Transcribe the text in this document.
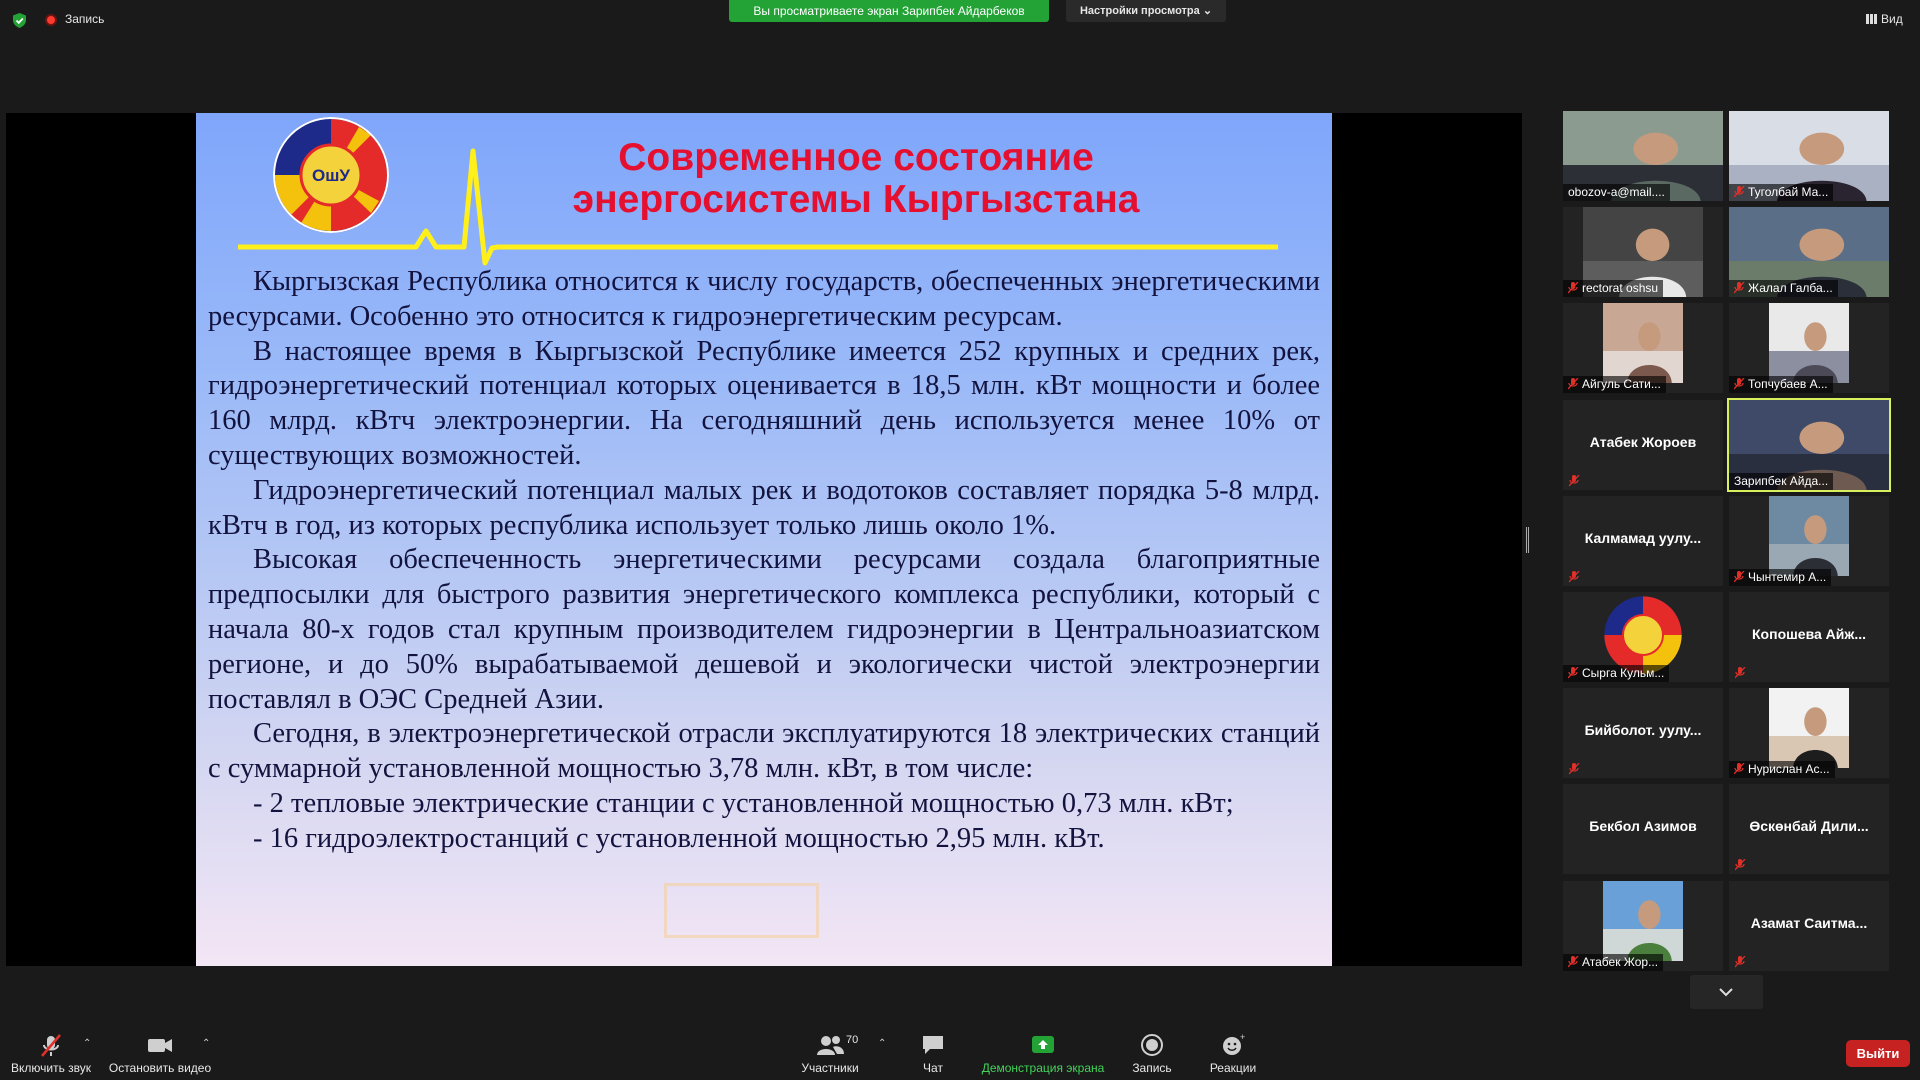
Запись
Вы просматриваете экран Зарипбек Айдарбеков	Настройки просмотра ⌄
Вид
ОшУ	Современное состояние
энергосистемы Кыргызстана

Кыргызская Республика относится к числу государств, обеспеченных энергетическими ресурсами. Особенно это относится к гидроэнергетическим ресурсам.

В настоящее время в Кыргызской Республике имеется 252 крупных и средних рек, гидроэнергетический потенциал которых оценивается в 18,5 млн. кВт мощности и более 160 млрд. кВтч электроэнергии. На сегодняшний день используется менее 10% от существующих возможностей.

Гидроэнергетический потенциал малых рек и водотоков составляет порядка 5-8 млрд. кВтч в год, из которых республика использует только лишь около 1%.

Высокая обеспеченность энергетическими ресурсами создала благоприятные предпосылки для быстрого развития энергетического комплекса республики, который с начала 80-х годов стал крупным производителем гидроэнергии в Центральноазиатском регионе, и до 50% вырабатываемой дешевой и экологически чистой электроэнергии поставлял в ОЭС Средней Азии.

Сегодня, в электроэнергетической отрасли эксплуатируются 18 электрических станций с суммарной установленной мощностью 3,78 млн. кВт, в том числе:

- 2 тепловые электрические станции с установленной мощностью 0,73 млн. кВт;

- 16 гидроэлектростанций с установленной мощностью 2,95 млн. кВт.

obozov-a@mail....	Туголбай Ма...
rectorat oshsu	Жалал Галба...
Айгуль Сати...	Топчубаев А...
Атабек Жороев
Зарипбек Айда...
Калмамад уулу...
Чынтемир А...
Сырга Кульм...
Копошева Айж...
Бийболот. уулу...
Нурислан Ас...
Бекбол Азимов	Өскөнбай Дили...
Атабек Жор...
Азамат Саитма...
Включить звук
⌃
Остановить видео
⌃	70
Участники
⌃
Чат	Демонстрация экрана	Запись
+
Реакции
Выйти
